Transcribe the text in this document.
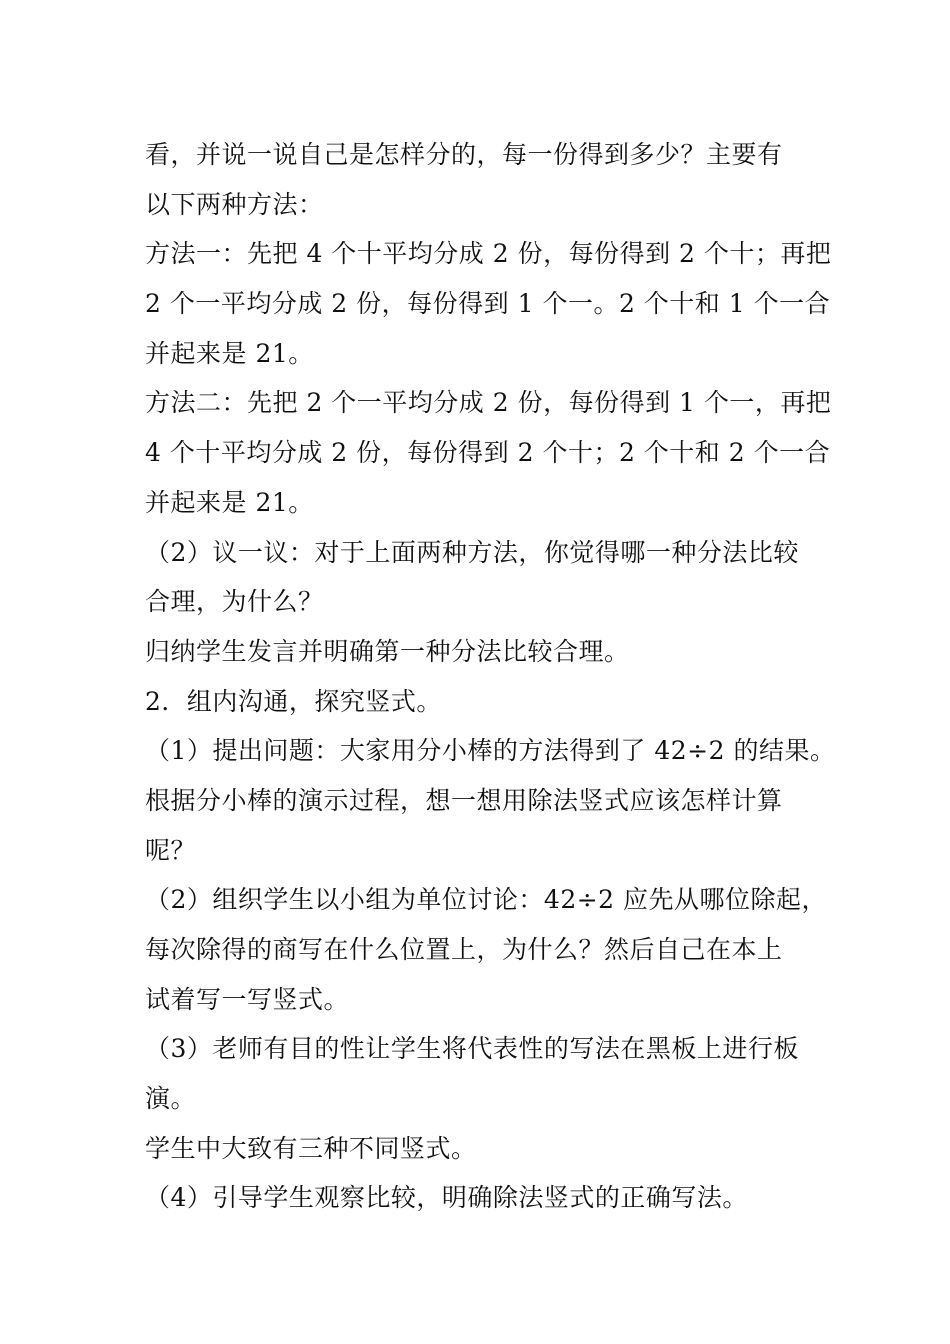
看，并说一说自己是怎样分的，每一份得到多少？主要有
以下两种方法：
方法一：先把 4 个十平均分成 2 份，每份得到 2 个十；再把
2 个一平均分成 2 份，每份得到 1 个一。2 个十和 1 个一合
并起来是 21。
方法二：先把 2 个一平均分成 2 份，每份得到 1 个一，再把
4 个十平均分成 2 份，每份得到 2 个十；2 个十和 2 个一合
并起来是 21。
（2）议一议：对于上面两种方法，你觉得哪一种分法比较
合理，为什么？
归纳学生发言并明确第一种分法比较合理。
2．组内沟通，探究竖式。
（1）提出问题：大家用分小棒的方法得到了 42÷2 的结果。
根据分小棒的演示过程，想一想用除法竖式应该怎样计算
呢？
（2）组织学生以小组为单位讨论：42÷2 应先从哪位除起，
每次除得的商写在什么位置上，为什么？然后自己在本上
试着写一写竖式。
（3）老师有目的性让学生将代表性的写法在黑板上进行板
演。
学生中大致有三种不同竖式。
（4）引导学生观察比较，明确除法竖式的正确写法。
